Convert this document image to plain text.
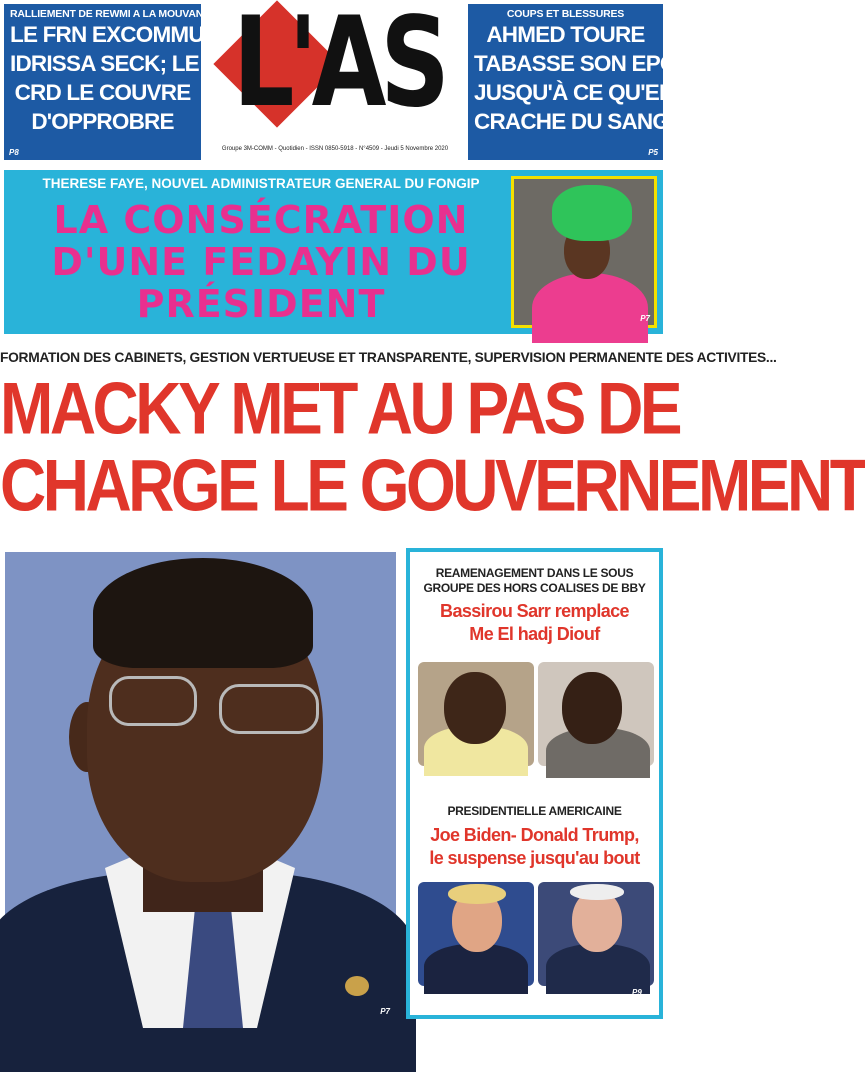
RALLIEMENT DE REWMI A LA MOUVANCE
LE FRN EXCOMMUNIE
IDRISSA SECK; LE
CRD LE COUVRE
D'OPPROBRE
P8
L'AS
Groupe 3M-COMM - Quotidien - ISSN 0850-5918 - N°4509 - Jeudi 5 Novembre 2020
COUPS ET BLESSURES
AHMED TOURE
TABASSE SON EPOUSE
JUSQU'À CE QU'ELLE
CRACHE DU SANG
P5
THERESE FAYE, NOUVEL ADMINISTRATEUR GENERAL DU FONGIP
LA CONSÉCRATION
D'UNE FEDAYIN DU
PRÉSIDENT	P7
FORMATION DES CABINETS, GESTION VERTUEUSE ET TRANSPARENTE, SUPERVISION PERMANENTE DES ACTIVITES...
MACKY MET AU PAS DE
CHARGE LE GOUVERNEMENT
P7
REAMENAGEMENT DANS LE SOUS
GROUPE DES HORS COALISES DE BBY
Bassirou Sarr remplace
Me El hadj Diouf
P5
PRESIDENTIELLE AMERICAINE
Joe Biden- Donald Trump,
le suspense jusqu'au bout
P9
